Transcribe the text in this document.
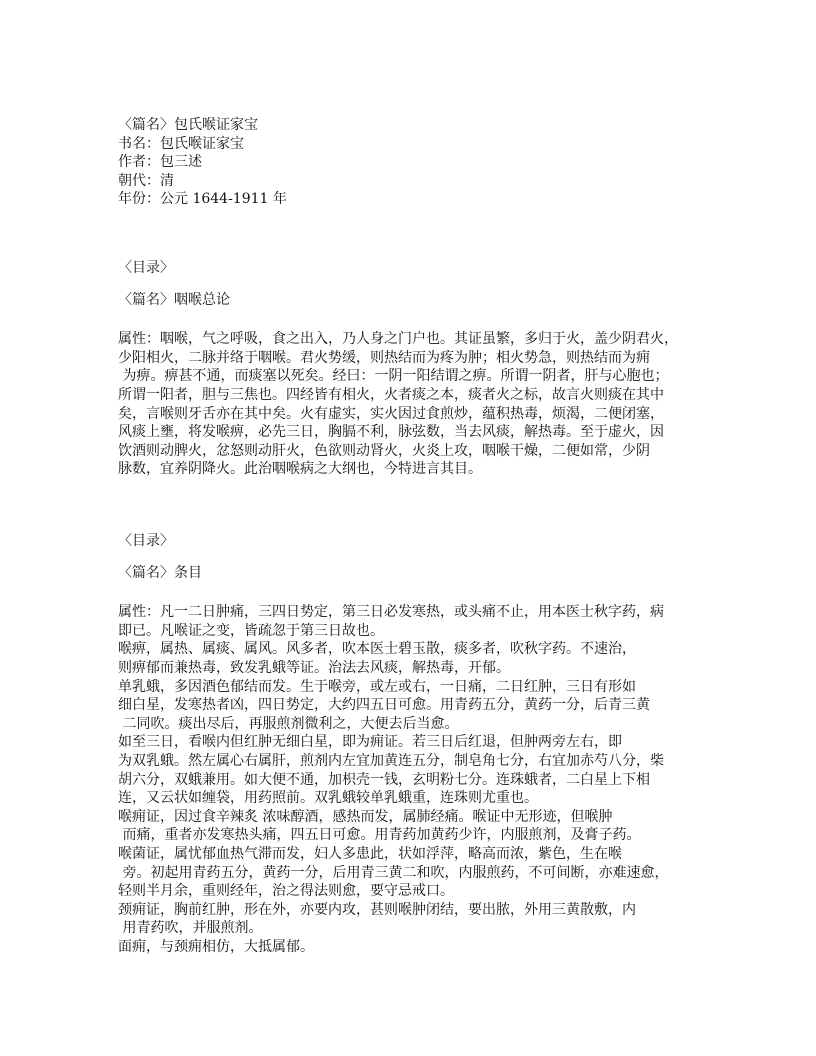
〈篇名〉包氏喉证家宝
书名：包氏喉证家宝
作者：包三述
朝代：清
年份：公元 1644-1911 年
〈目录〉
〈篇名〉咽喉总论
属性：咽喉，气之呼吸，食之出入，乃人身之门户也。其证虽繁，多归于火，盖少阴君火，
少阳相火，二脉并络于咽喉。君火势缓，则热结而为疼为肿；相火势急，则热结而为痈
为痹。痹甚不通，而痰塞以死矣。经曰：一阴一阳结谓之痹。所谓一阴者，肝与心胞也；
所谓一阳者，胆与三焦也。四经皆有相火，火者痰之本，痰者火之标，故言火则痰在其中
矣，言喉则牙舌亦在其中矣。火有虚实，实火因过食煎炒，蕴积热毒，烦渴，二便闭塞，
风痰上壅，将发喉痹，必先三日，胸膈不利，脉弦数，当去风痰，解热毒。至于虚火，因
饮酒则动脾火，忿怒则动肝火，色欲则动肾火，火炎上攻，咽喉干燥，二便如常，少阴
脉数，宜养阴降火。此治咽喉病之大纲也，今特进言其目。
〈目录〉
〈篇名〉条目
属性：凡一二日肿痛，三四日势定，第三日必发寒热，或头痛不止，用本医士秋字药，病
即已。凡喉证之变，皆疏忽于第三日故也。
喉痹，属热、属痰、属风。风多者，吹本医士碧玉散，痰多者，吹秋字药。不速治，
则痹郁而兼热毒，致发乳蛾等证。治法去风痰，解热毒，开郁。
单乳蛾，多因酒色郁结而发。生于喉旁，或左或右，一日痛，二日红肿，三日有形如
细白星，发寒热者凶，四日势定，大约四五日可愈。用青药五分，黄药一分，后青三黄
二同吹。痰出尽后，再服煎剂微利之，大便去后当愈。
如至三日，看喉内但红肿无细白星，即为痈证。若三日后红退，但肿两旁左右，即
为双乳蛾。然左属心右属肝，煎剂内左宜加黄连五分，制皂角七分，右宜加赤芍八分，柴
胡六分，双蛾兼用。如大便不通，加枳壳一钱，玄明粉七分。连珠蛾者，二白星上下相
连，又云状如缠袋，用药照前。双乳蛾较单乳蛾重，连珠则尤重也。
喉痈证，因过食辛辣炙 浓味醇酒，感热而发，属肺经痛。喉证中无形迹，但喉肿
而痛，重者亦发寒热头痛，四五日可愈。用青药加黄药少许，内服煎剂，及膏子药。
喉菌证，属忧郁血热气滞而发，妇人多患此，状如浮萍，略高而浓，紫色，生在喉
旁。初起用青药五分，黄药一分，后用青三黄二和吹，内服煎药，不可间断，亦难速愈，
轻则半月余，重则经年，治之得法则愈，要守忌戒口。
颈痈证，胸前红肿，形在外，亦要内攻，甚则喉肿闭结，要出脓，外用三黄散敷，内
用青药吹，并服煎剂。
面痈，与颈痈相仿，大抵属郁。
